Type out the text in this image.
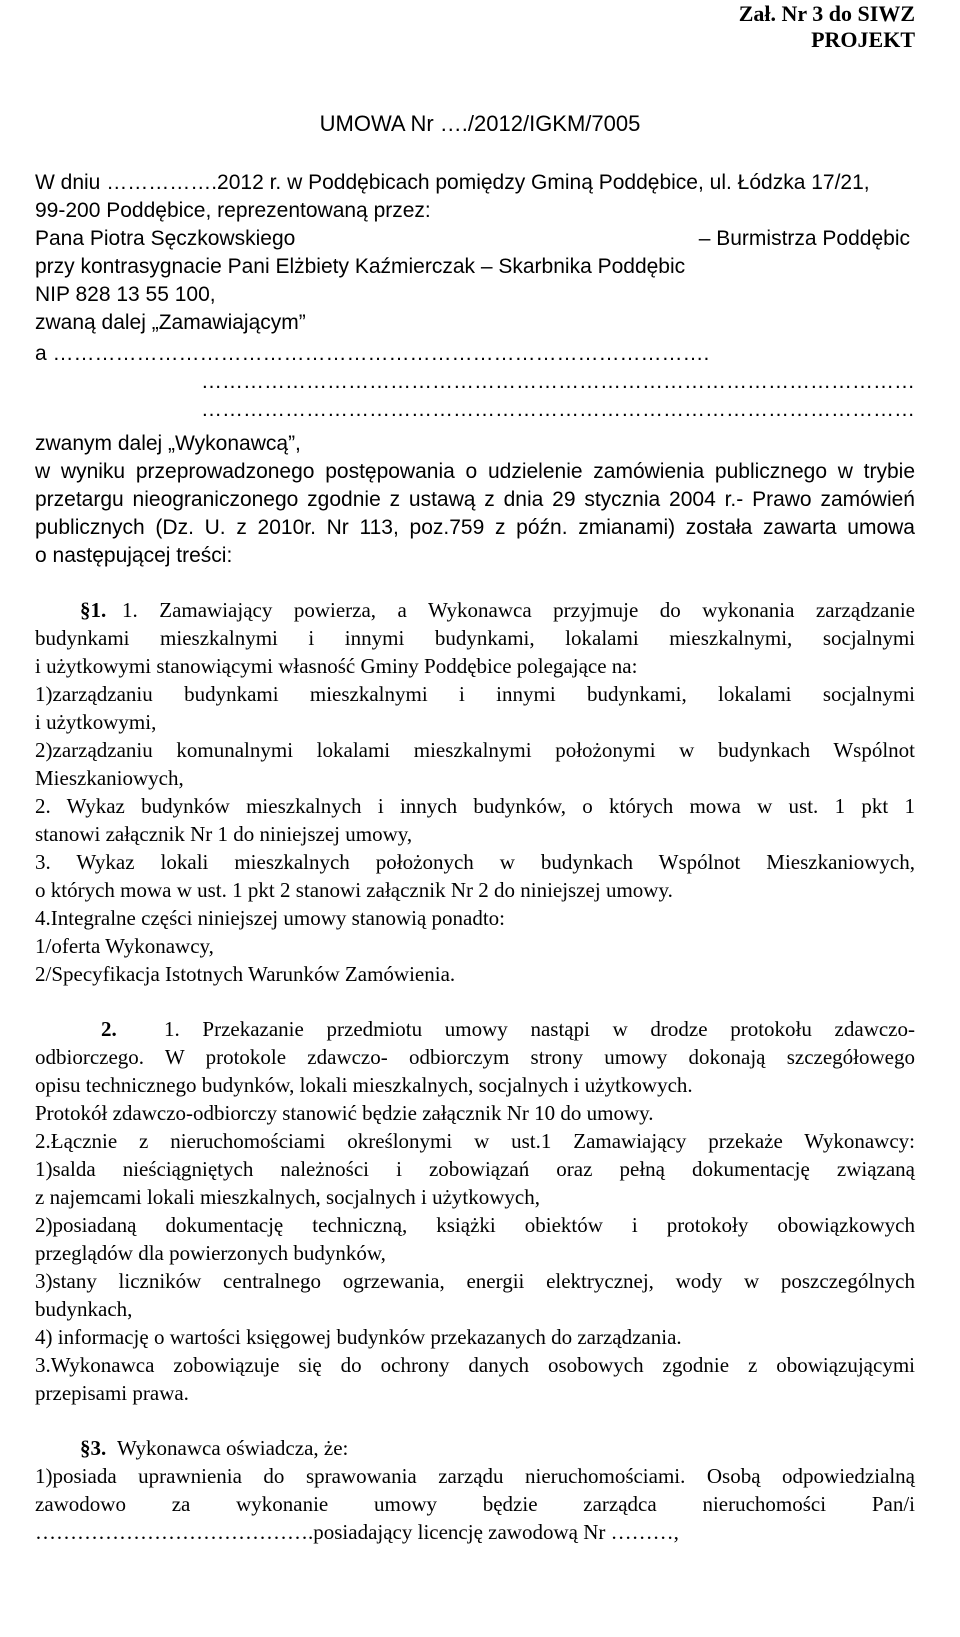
Zał. Nr 3 do SIWZ
PROJEKT
UMOWA Nr …./2012/IGKM/7005
W dniu …………….2012 r. w Poddębicach pomiędzy Gminą Poddębice, ul. Łódzka 17/21,
99-200 Poddębice, reprezentowaną przez:
Pana Piotra Sęczkowskiego	– Burmistrza Poddębic
przy kontrasygnacie Pani Elżbiety Kaźmierczak – Skarbnika Poddębic
NIP 828 13 55 100,
zwaną dalej „Zamawiającym”
a ………………………………………………………………………………….
…………………………………………………………………………………………
…………………………………………………………………………………………
zwanym dalej „Wykonawcą”,
w wyniku przeprowadzonego postępowania o udzielenie zamówienia publicznego w trybie
przetargu nieograniczonego zgodnie z ustawą z dnia 29 stycznia 2004 r.- Prawo zamówień
publicznych (Dz. U. z 2010r. Nr 113, poz.759 z późn. zmianami) została zawarta umowa
o następującej treści:
§1. 1. Zamawiający powierza, a Wykonawca przyjmuje do wykonania zarządzanie
budynkami mieszkalnymi i innymi budynkami, lokalami mieszkalnymi, socjalnymi
i użytkowymi stanowiącymi własność Gminy Poddębice polegające na:
1)zarządzaniu budynkami mieszkalnymi i innymi budynkami, lokalami socjalnymi
i użytkowymi,
2)zarządzaniu komunalnymi lokalami mieszkalnymi położonymi w budynkach Wspólnot
Mieszkaniowych,
2. Wykaz budynków mieszkalnych i innych budynków, o których mowa w ust. 1 pkt 1
stanowi załącznik Nr 1 do niniejszej umowy,
3. Wykaz lokali mieszkalnych położonych w budynkach Wspólnot Mieszkaniowych,
o których mowa w ust. 1 pkt 2 stanowi załącznik Nr 2 do niniejszej umowy.
4.Integralne części niniejszej umowy stanowią ponadto:
1/oferta Wykonawcy,
2/Specyfikacja Istotnych Warunków Zamówienia.
2.	1. Przekazanie przedmiotu umowy nastąpi w drodze protokołu zdawczo-
odbiorczego. W protokole zdawczo- odbiorczym strony umowy dokonają szczegółowego
opisu technicznego budynków, lokali mieszkalnych, socjalnych i użytkowych.
Protokół zdawczo-odbiorczy stanowić będzie załącznik Nr 10 do umowy.
2.Łącznie z nieruchomościami określonymi w ust.1 Zamawiający przekaże Wykonawcy:
1)salda nieściągniętych należności i zobowiązań oraz pełną dokumentację związaną
z najemcami lokali mieszkalnych, socjalnych i użytkowych,
2)posiadaną dokumentację techniczną, książki obiektów i protokoły obowiązkowych
przeglądów dla powierzonych budynków,
3)stany liczników centralnego ogrzewania, energii elektrycznej, wody w poszczególnych
budynkach,
4) informację o wartości księgowej budynków przekazanych do zarządzania.
3.Wykonawca zobowiązuje się do ochrony danych osobowych zgodnie z obowiązującymi
przepisami prawa.
§3. Wykonawca oświadcza, że:
1)posiada uprawnienia do sprawowania zarządu nieruchomościami. Osobą odpowiedzialną
zawodowo za wykonanie umowy będzie zarządca nieruchomości Pan/i
………………………………….posiadający licencję zawodową Nr ………,
